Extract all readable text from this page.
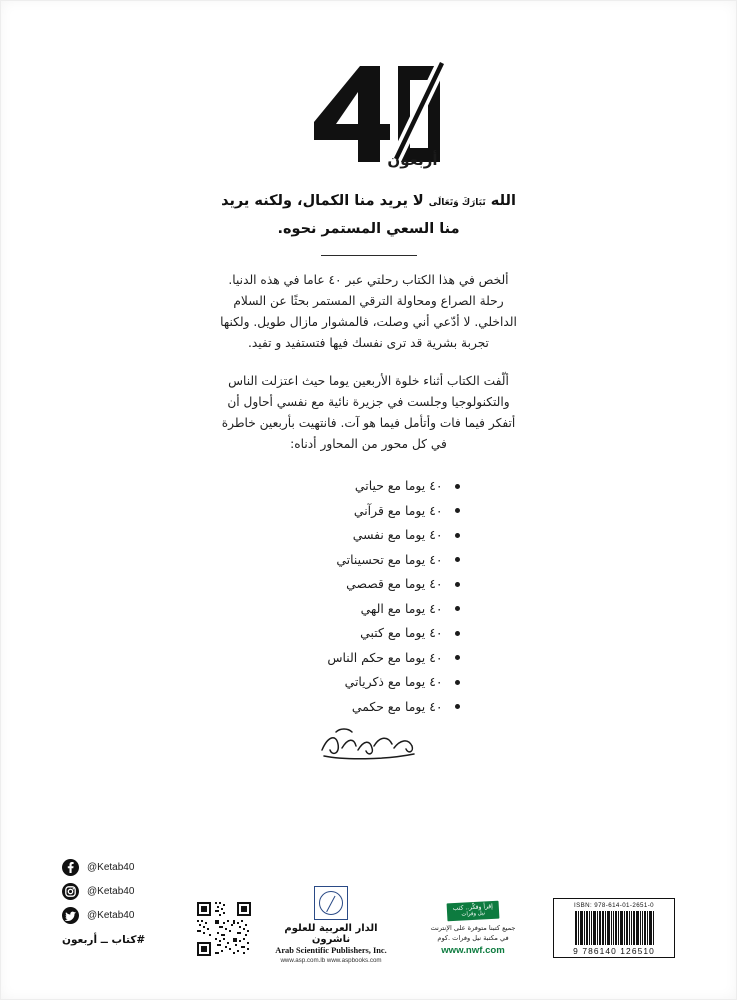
أربعون
الله تَبَارَكَ وَتَعَالَى لا يريد منا الكمال، ولكنه يريد
منا السعي المستمر نحوه.

ألخص في هذا الكتاب رحلتي عبر ٤٠ عاما في هذه الدنيا. رحلة الصراع ومحاولة الترقي المستمر بحثًا عن السلام الداخلي. لا أدّعي أني وصلت، فالمشوار مازال طويل. ولكنها تجربة بشرية قد ترى نفسك فيها فتستفيد و تفيد.

ألّفت الكتاب أثناء خلوة الأربعين يوما حيث اعتزلت الناس والتكنولوجيا وجلست في جزيرة نائية مع نفسي أحاول أن أتفكر فيما فات وأتأمل فيما هو آت. فانتهيت بأربعين خاطرة في كل محور من المحاور أدناه:

٤٠ يوما مع حياتي
٤٠ يوما مع قرآني
٤٠ يوما مع نفسي
٤٠ يوما مع تحسيناتي
٤٠ يوما مع قصصي
٤٠ يوما مع الهي
٤٠ يوما مع كتبي
٤٠ يوما مع حكم الناس
٤٠ يوما مع ذكرياتي
٤٠ يوما مع حكمي
ISBN: 978-614-01-2651-0
9 786140 126510
إقرأ وفكّر.. كتب
نيل وفرات
جميع كتبنا متوفرة على الإنترنت
في مكتبة نيل وفرات .كوم
www.nwf.com
الدار العربية للعلوم ناشرون
Arab Scientific Publishers, Inc.
www.asp.com.lb www.aspbooks.com
@Ketab40
@Ketab40
@Ketab40
#كتاب ــ أربعون
